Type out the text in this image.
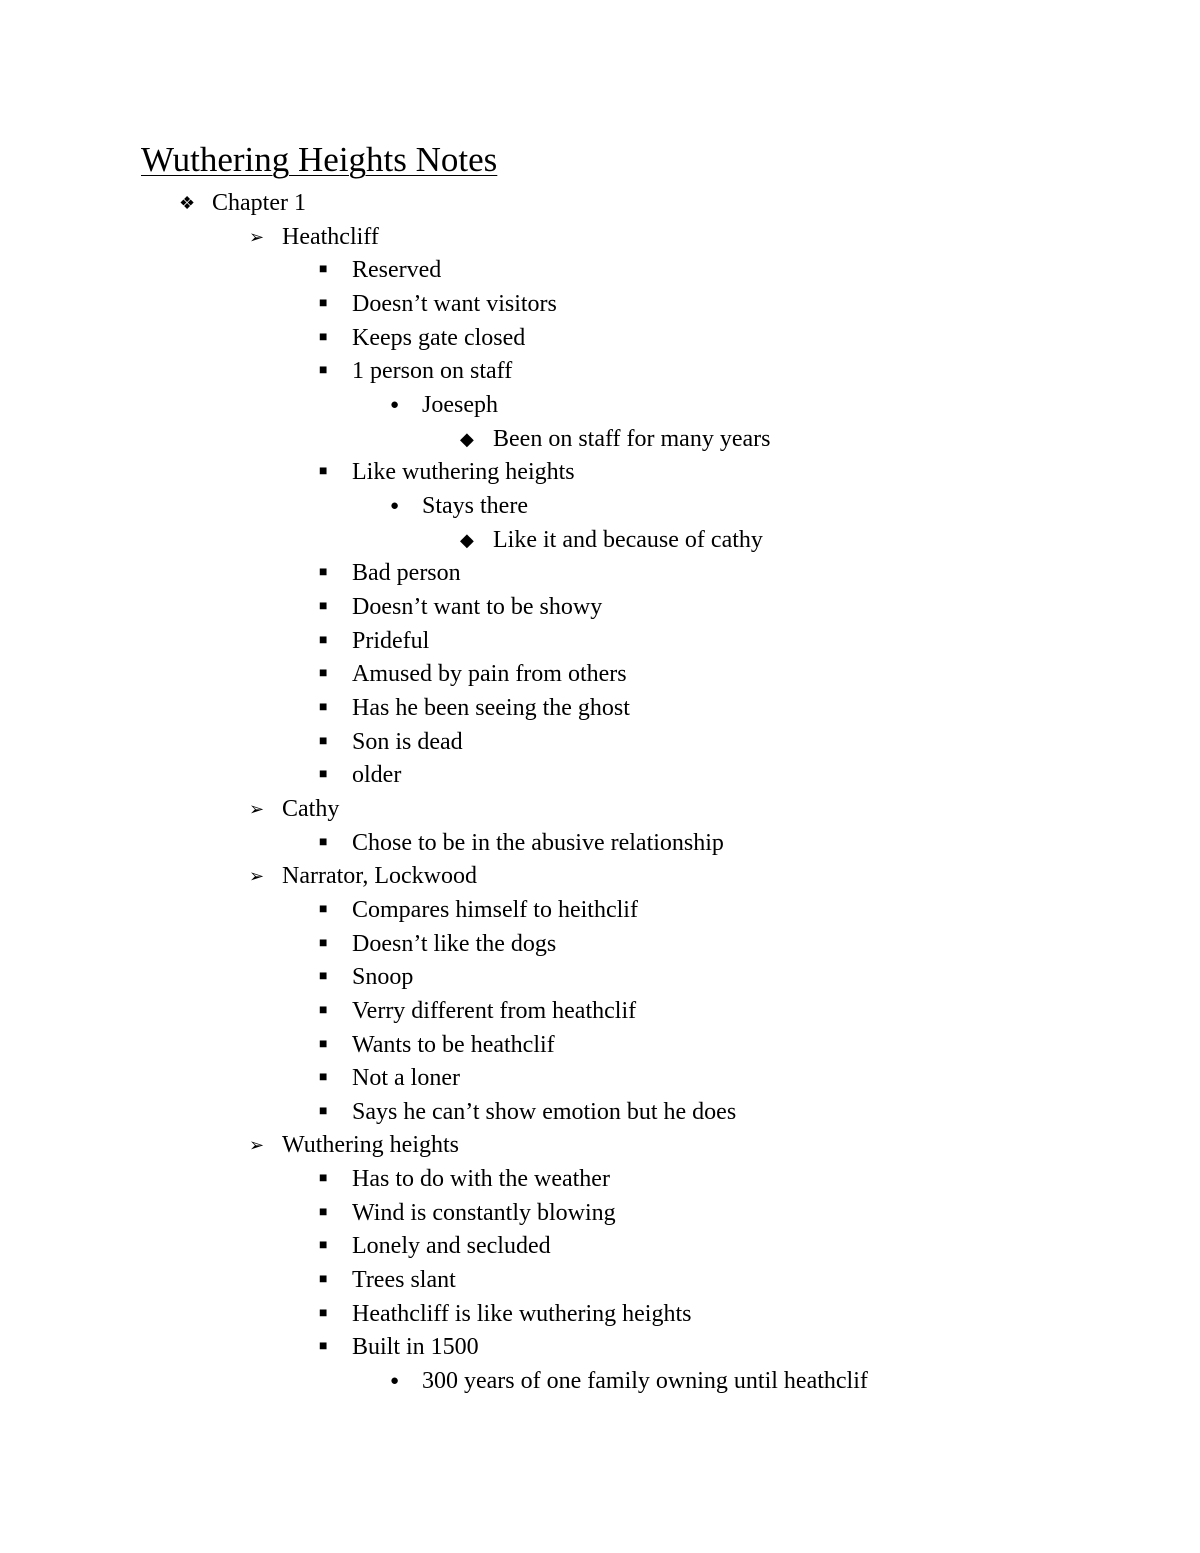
Wuthering Heights Notes
❖ Chapter 1
➢ Heathcliff
■ Reserved
■ Doesn’t want visitors
■ Keeps gate closed
■ 1 person on staff
● Joeseph
◆ Been on staff for many years
■ Like wuthering heights
● Stays there
◆ Like it and because of cathy
■ Bad person
■ Doesn’t want to be showy
■ Prideful
■ Amused by pain from others
■ Has he been seeing the ghost
■ Son is dead
■ older
➢ Cathy
■ Chose to be in the abusive relationship
➢ Narrator, Lockwood
■ Compares himself to heithclif
■ Doesn’t like the dogs
■ Snoop
■ Verry different from heathclif
■ Wants to be heathclif
■ Not a loner
■ Says he can’t show emotion but he does
➢ Wuthering heights
■ Has to do with the weather
■ Wind is constantly blowing
■ Lonely and secluded
■ Trees slant
■ Heathcliff is like wuthering heights
■ Built in 1500
● 300 years of one family owning until heathclif
